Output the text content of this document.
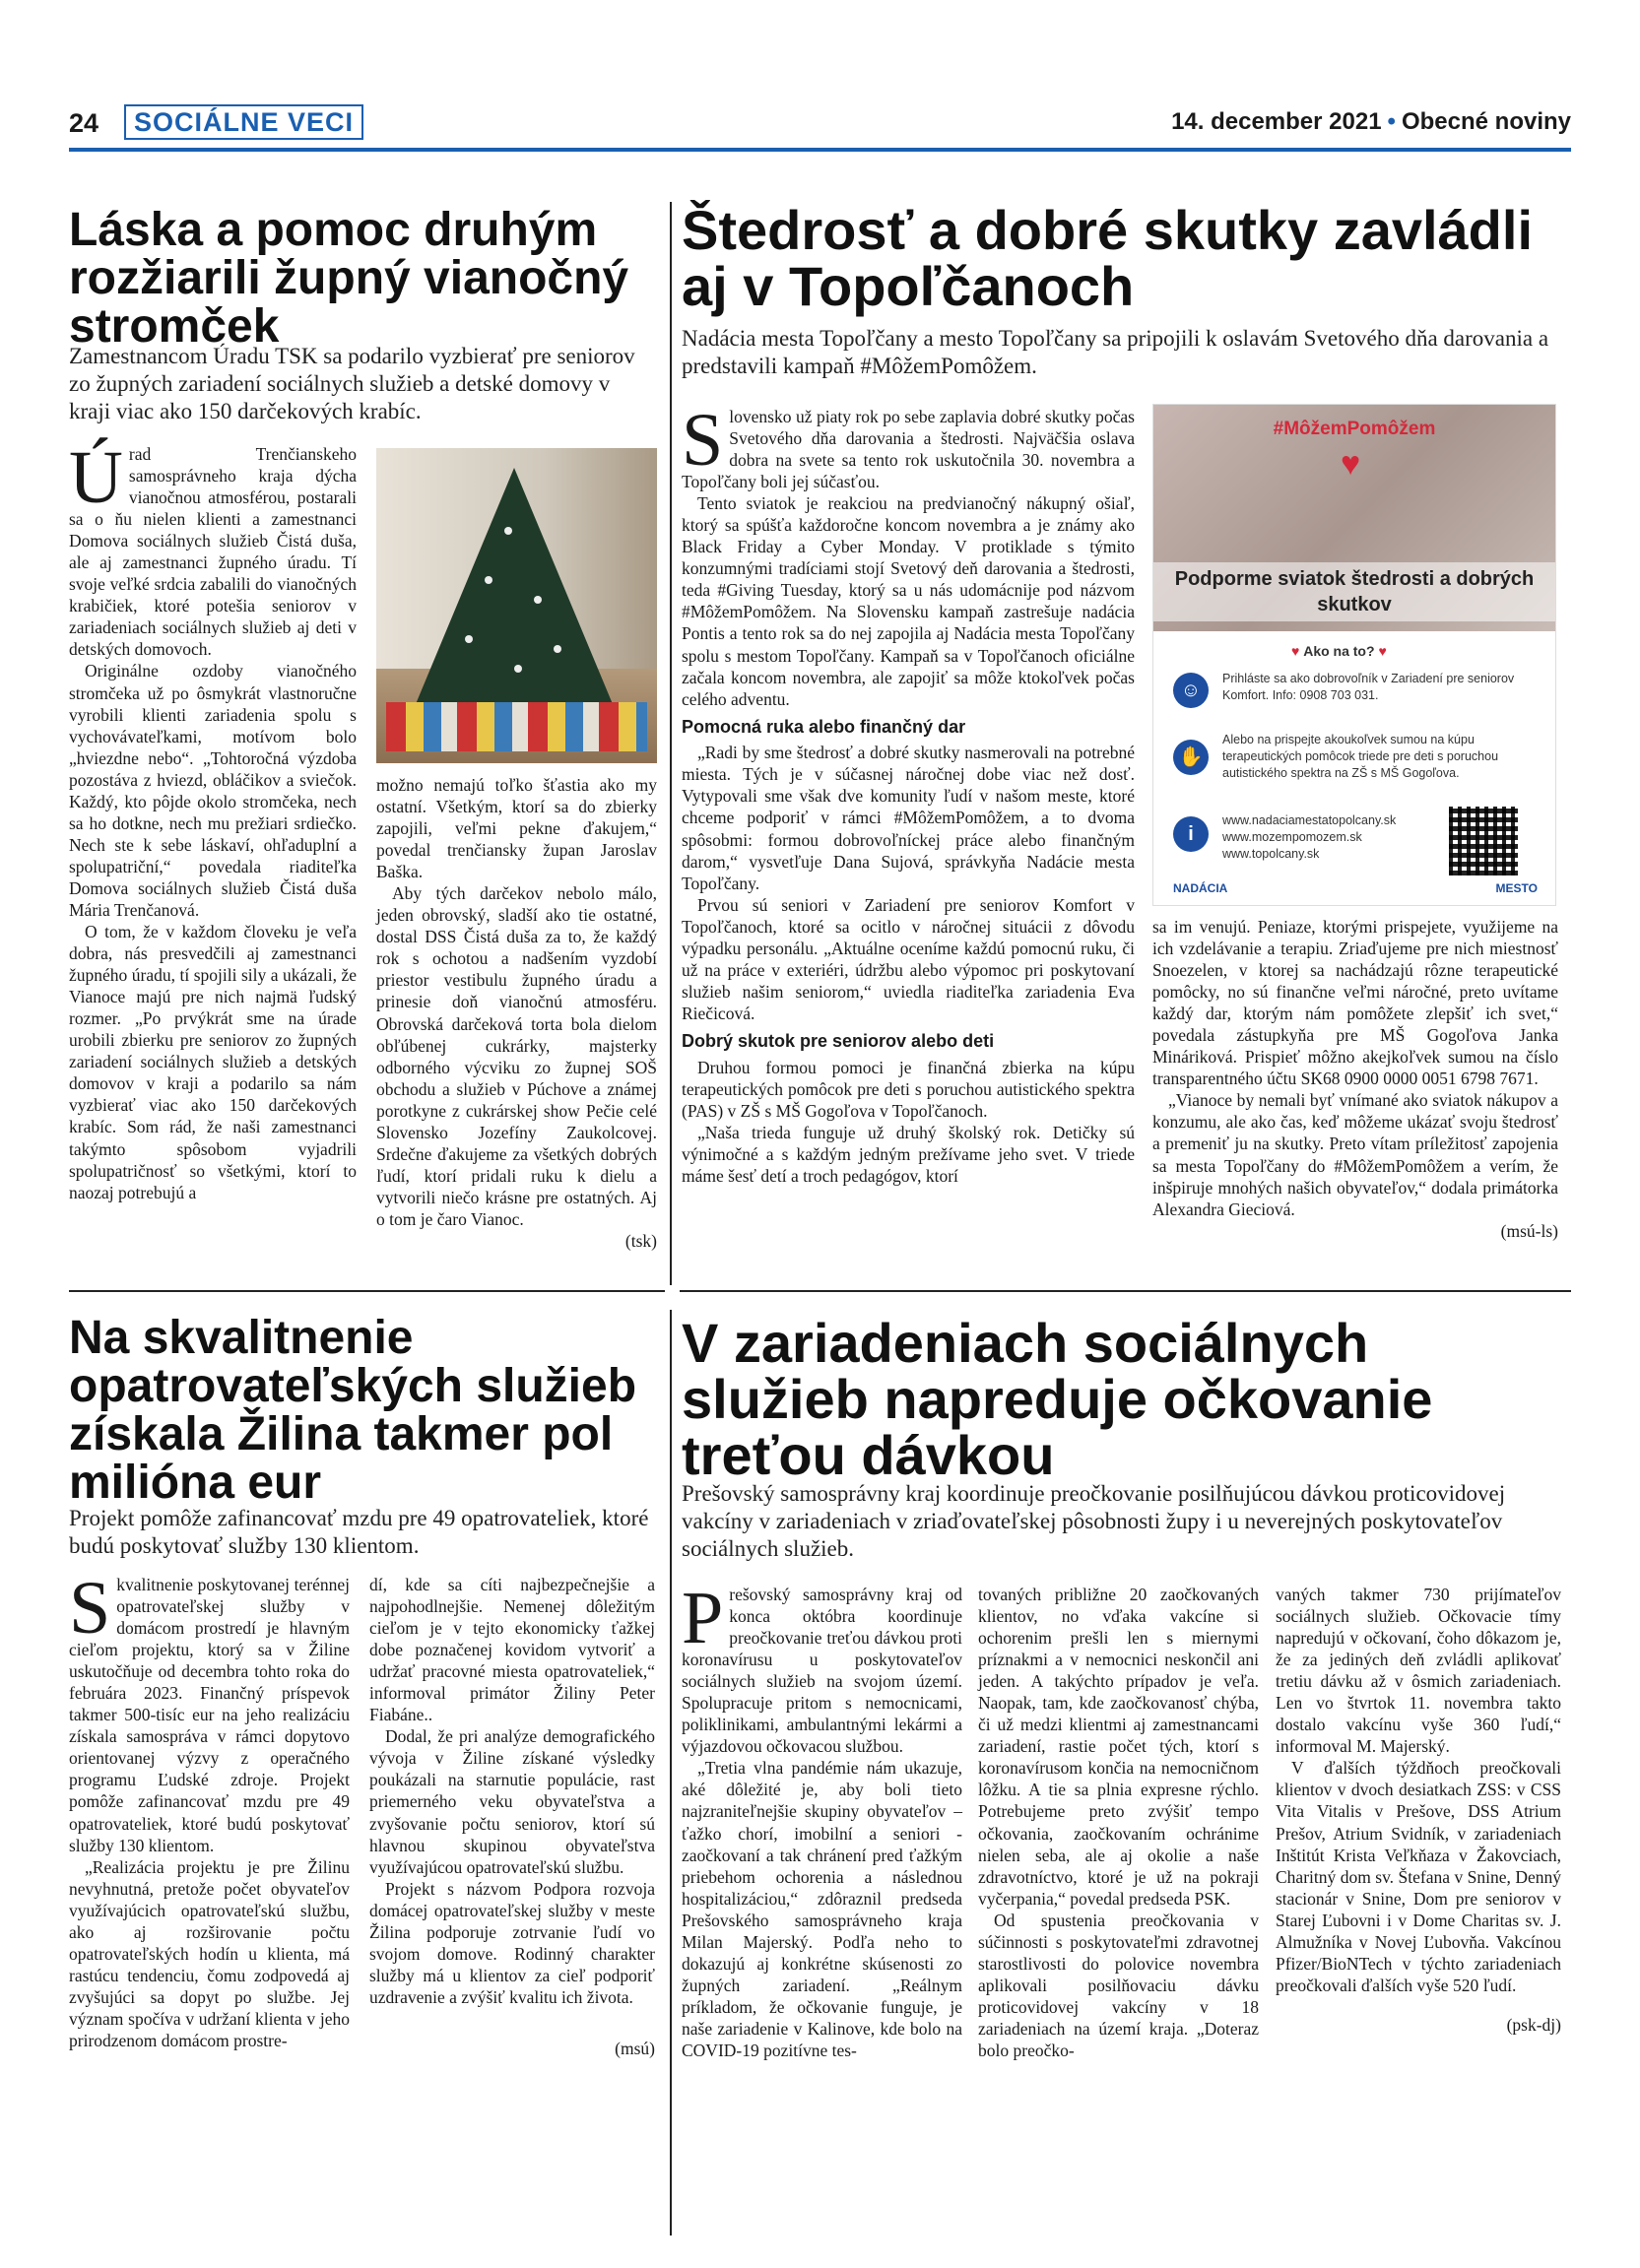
24	SOCIÁLNE VECI	14. december 2021 • Obecné noviny
Láska a pomoc druhým rozžiarili župný vianočný stromček
Zamestnancom Úradu TSK sa podarilo vyzbierať pre seniorov zo župných zariadení sociálnych služieb a detské domovy v kraji viac ako 150 darčekových krabíc.

Úrad Trenčianskeho samosprávneho kraja dýcha vianočnou atmosférou, postarali sa o ňu nielen klienti a zamestnanci Domova sociálnych služieb Čistá duša, ale aj zamestnanci župného úradu. Tí svoje veľké srdcia zabalili do vianočných krabičiek, ktoré potešia seniorov v zariadeniach sociálnych služieb aj deti v detských domovoch.

Originálne ozdoby vianočného stromčeka už po ôsmykrát vlastnoručne vyrobili klienti zariadenia spolu s vychovávateľkami, motívom bolo „hviezdne nebo“. „Tohtoročná výzdoba pozostáva z hviezd, obláčikov a sviečok. Každý, kto pôjde okolo stromčeka, nech sa ho dotkne, nech mu prežiari srdiečko. Nech ste k sebe láskaví, ohľaduplní a spolupatriční,“ povedala riaditeľka Domova sociálnych služieb Čistá duša Mária Trenčanová.

O tom, že v každom človeku je veľa dobra, nás presvedčili aj zamestnanci župného úradu, tí spojili sily a ukázali, že Vianoce majú pre nich najmä ľudský rozmer. „Po prvýkrát sme na úrade urobili zbierku pre seniorov zo župných zariadení sociálnych služieb a detských domovov v kraji a podarilo sa nám vyzbierať viac ako 150 darčekových krabíc. Som rád, že naši zamestnanci takýmto spôsobom vyjadrili spolupatričnosť so všetkými, ktorí to naozaj potrebujú a

možno nemajú toľko šťastia ako my ostatní. Všetkým, ktorí sa do zbierky zapojili, veľmi pekne ďakujem,“ povedal trenčiansky župan Jaroslav Baška.

Aby tých darčekov nebolo málo, jeden obrovský, sladší ako tie ostatné, dostal DSS Čistá duša za to, že každý rok s ochotou a nadšením vyzdobí priestor vestibulu župného úradu a prinesie doň vianočnú atmosféru. Obrovská darčeková torta bola dielom obľúbenej cukrárky, majsterky odborného výcviku zo župnej SOŠ obchodu a služieb v Púchove a známej porotkyne z cukrárskej show Pečie celé Slovensko Jozefíny Zaukolcovej. Srdečne ďakujeme za všetkých dobrých ľudí, ktorí pridali ruku k dielu a vytvorili niečo krásne pre ostatných. Aj o tom je čaro Vianoc.

(tsk)

Štedrosť a dobré skutky zavládli aj v Topoľčanoch
Nadácia mesta Topoľčany a mesto Topoľčany sa pripojili k oslavám Svetového dňa darovania a predstavili kampaň #MôžemPomôžem.

Slovensko už piaty rok po sebe zaplavia dobré skutky počas Svetového dňa darovania a štedrosti. Najväčšia oslava dobra na svete sa tento rok uskutočnila 30. novembra a Topoľčany boli jej súčasťou.

Tento sviatok je reakciou na predvianočný nákupný ošiaľ, ktorý sa spúšťa každoročne koncom novembra a je známy ako Black Friday a Cyber Monday. V protiklade s týmito konzumnými tradíciami stojí Svetový deň darovania a štedrosti, teda #Giving Tuesday, ktorý sa u nás udomácnije pod názvom #MôžemPomôžem. Na Slovensku kampaň zastrešuje nadácia Pontis a tento rok sa do nej zapojila aj Nadácia mesta Topoľčany spolu s mestom Topoľčany. Kampaň sa v Topoľčanoch oficiálne začala koncom novembra, ale zapojiť sa môže ktokoľvek počas celého adventu.

Pomocná ruka alebo finančný dar

„Radi by sme štedrosť a dobré skutky nasmerovali na potrebné miesta. Tých je v súčasnej náročnej dobe viac než dosť. Vytypovali sme však dve komunity ľudí v našom meste, ktoré chceme podporiť v rámci #MôžemPomôžem, a to dvoma spôsobmi: formou dobrovoľníckej práce alebo finančným darom,“ vysvetľuje Dana Sujová, správkyňa Nadácie mesta Topoľčany.

Prvou sú seniori v Zariadení pre seniorov Komfort v Topoľčanoch, ktoré sa ocitlo v náročnej situácii z dôvodu výpadku personálu. „Aktuálne oceníme každú pomocnú ruku, či už na práce v exteriéri, údržbu alebo výpomoc pri poskytovaní služieb našim seniorom,“ uviedla riaditeľka zariadenia Eva Riečicová.

Dobrý skutok pre seniorov alebo deti

Druhou formou pomoci je finančná zbierka na kúpu terapeutických pomôcok pre deti s poruchou autistického spektra (PAS) v ZŠ s MŠ Gogoľova v Topoľčanoch.

„Naša trieda funguje už druhý školský rok. Detičky sú výnimočné a s každým jedným prežívame jeho svet. V triede máme šesť detí a troch pedagógov, ktorí

#MôžemPomôžem
♥
Podporme sviatok štedrosti a dobrých skutkov
♥ Ako na to? ♥
☺
Prihláste sa ako dobrovoľník v Zariadení pre seniorov Komfort. Info: 0908 703 031.
✋
Alebo na prispejte akoukoľvek sumou na kúpu terapeutických pomôcok triede pre deti s poruchou autistického spektra na ZŠ s MŠ Gogoľova.
i
www.nadaciamestatopolcany.sk www.mozempomozem.sk www.topolcany.sk
NADÁCIA	MESTO

sa im venujú. Peniaze, ktorými prispejete, využijeme na ich vzdelávanie a terapiu. Zriaďujeme pre nich miestnosť Snoezelen, v ktorej sa nachádzajú rôzne terapeutické pomôcky, no sú finančne veľmi náročné, preto uvítame každý dar, ktorým nám pomôžete zlepšiť ich svet,“ povedala zástupkyňa pre MŠ Gogoľova Janka Mináriková. Prispieť môžno akejkoľvek sumou na číslo transparentného účtu SK68 0900 0000 0051 6798 7671.

„Vianoce by nemali byť vnímané ako sviatok nákupov a konzumu, ale ako čas, keď môžeme ukázať svoju štedrosť a premeniť ju na skutky. Preto vítam príležitosť zapojenia sa mesta Topoľčany do #MôžemPomôžem a verím, že inšpiruje mnohých našich obyvateľov,“ dodala primátorka Alexandra Gieciová.

(msú-ls)

Na skvalitnenie opatrovateľských služieb získala Žilina takmer pol milióna eur
Projekt pomôže zafinancovať mzdu pre 49 opatrovateliek, ktoré budú poskytovať služby 130 klientom.

Skvalitnenie poskytovanej terénnej opatrovateľskej služby v domácom prostredí je hlavným cieľom projektu, ktorý sa v Žiline uskutočňuje od decembra tohto roka do februára 2023. Finančný príspevok takmer 500-tisíc eur na jeho realizáciu získala samospráva v rámci dopytovo orientovanej výzvy z operačného programu Ľudské zdroje. Projekt pomôže zafinancovať mzdu pre 49 opatrovateliek, ktoré budú poskytovať služby 130 klientom.

„Realizácia projektu je pre Žilinu nevyhnutná, pretože počet obyvateľov využívajúcich opatrovateľskú službu, ako aj rozširovanie počtu opatrovateľských hodín u klienta, má rastúcu tendenciu, čomu zodpovedá aj zvyšujúci sa dopyt po službe. Jej význam spočíva v udržaní klienta v jeho prirodzenom domácom prostre-

dí, kde sa cíti najbezpečnejšie a najpohodlnejšie. Nemenej dôležitým cieľom je v tejto ekonomicky ťažkej dobe poznačenej kovidom vytvoriť a udržať pracovné miesta opatrovateliek,“ informoval primátor Žiliny Peter Fiabáne..

Dodal, že pri analýze demografického vývoja v Žiline získané výsledky poukázali na starnutie populácie, rast priemerného veku obyvateľstva a zvyšovanie počtu seniorov, ktorí sú hlavnou skupinou obyvateľstva využívajúcou opatrovateľskú službu.

Projekt s názvom Podpora rozvoja domácej opatrovateľskej služby v meste Žilina podporuje zotrvanie ľudí vo svojom domove. Rodinný charakter služby má u klientov za cieľ podporiť uzdravenie a zvýšiť kvalitu ich života.

(msú)

V zariadeniach sociálnych služieb napreduje očkovanie treťou dávkou
Prešovský samosprávny kraj koordinuje preočkovanie posilňujúcou dávkou proticovidovej vakcíny v zariadeniach v zriaďovateľskej pôsobnosti župy i u neverejných poskytovateľov sociálnych služieb.

Prešovský samosprávny kraj od konca októbra koordinuje preočkovanie treťou dávkou proti koronavírusu u poskytovateľov sociálnych služieb na svojom území. Spolupracuje pritom s nemocnicami, poliklinikami, ambulantnými lekármi a výjazdovou očkovacou službou.

„Tretia vlna pandémie nám ukazuje, aké dôležité je, aby boli tieto najzraniteľnejšie skupiny obyvateľov – ťažko chorí, imobilní a seniori - zaočkovaní a tak chránení pred ťažkým priebehom ochorenia a následnou hospitalizáciou,“ zdôraznil predseda Prešovského samosprávneho kraja Milan Majerský. Podľa neho to dokazujú aj konkrétne skúsenosti zo župných zariadení. „Reálnym príkladom, že očkovanie funguje, je naše zariadenie v Kalinove, kde bolo na COVID-19 pozitívne tes-

tovaných približne 20 zaočkovaných klientov, no vďaka vakcíne si ochorenim prešli len s miernymi príznakmi a v nemocnici neskončil ani jeden. A takýchto prípadov je veľa. Naopak, tam, kde zaočkovanosť chýba, či už medzi klientmi aj zamestnancami zariadení, rastie počet tých, ktorí s koronavírusom končia na nemocničnom lôžku. A tie sa plnia expresne rýchlo. Potrebujeme preto zvýšiť tempo očkovania, zaočkovaním ochránime nielen seba, ale aj okolie a naše zdravotníctvo, ktoré je už na pokraji vyčerpania,“ povedal predseda PSK.

Od spustenia preočkovania v súčinnosti s poskytovateľmi zdravotnej starostlivosti do polovice novembra aplikovali posilňovaciu dávku proticovidovej vakcíny v 18 zariadeniach na území kraja. „Doteraz bolo preočko-

vaných takmer 730 prijímateľov sociálnych služieb. Očkovacie tímy napredujú v očkovaní, čoho dôkazom je, že za jediných deň zvládli aplikovať tretiu dávku až v ôsmich zariadeniach. Len vo štvrtok 11. novembra takto dostalo vakcínu vyše 360 ľudí,“ informoval M. Majerský.

V ďalších týždňoch preočkovali klientov v dvoch desiatkach ZSS: v CSS Vita Vitalis v Prešove, DSS Atrium Prešov, Atrium Svidník, v zariadeniach Inštitút Krista Veľkňaza v Žakovciach, Charitný dom sv. Štefana v Snine, Denný stacionár v Snine, Dom pre seniorov v Starej Ľubovni i v Dome Charitas sv. J. Almužníka v Novej Ľubovňa. Vakcínou Pfizer/BioNTech v týchto zariadeniach preočkovali ďalších vyše 520 ľudí.

(psk-dj)
